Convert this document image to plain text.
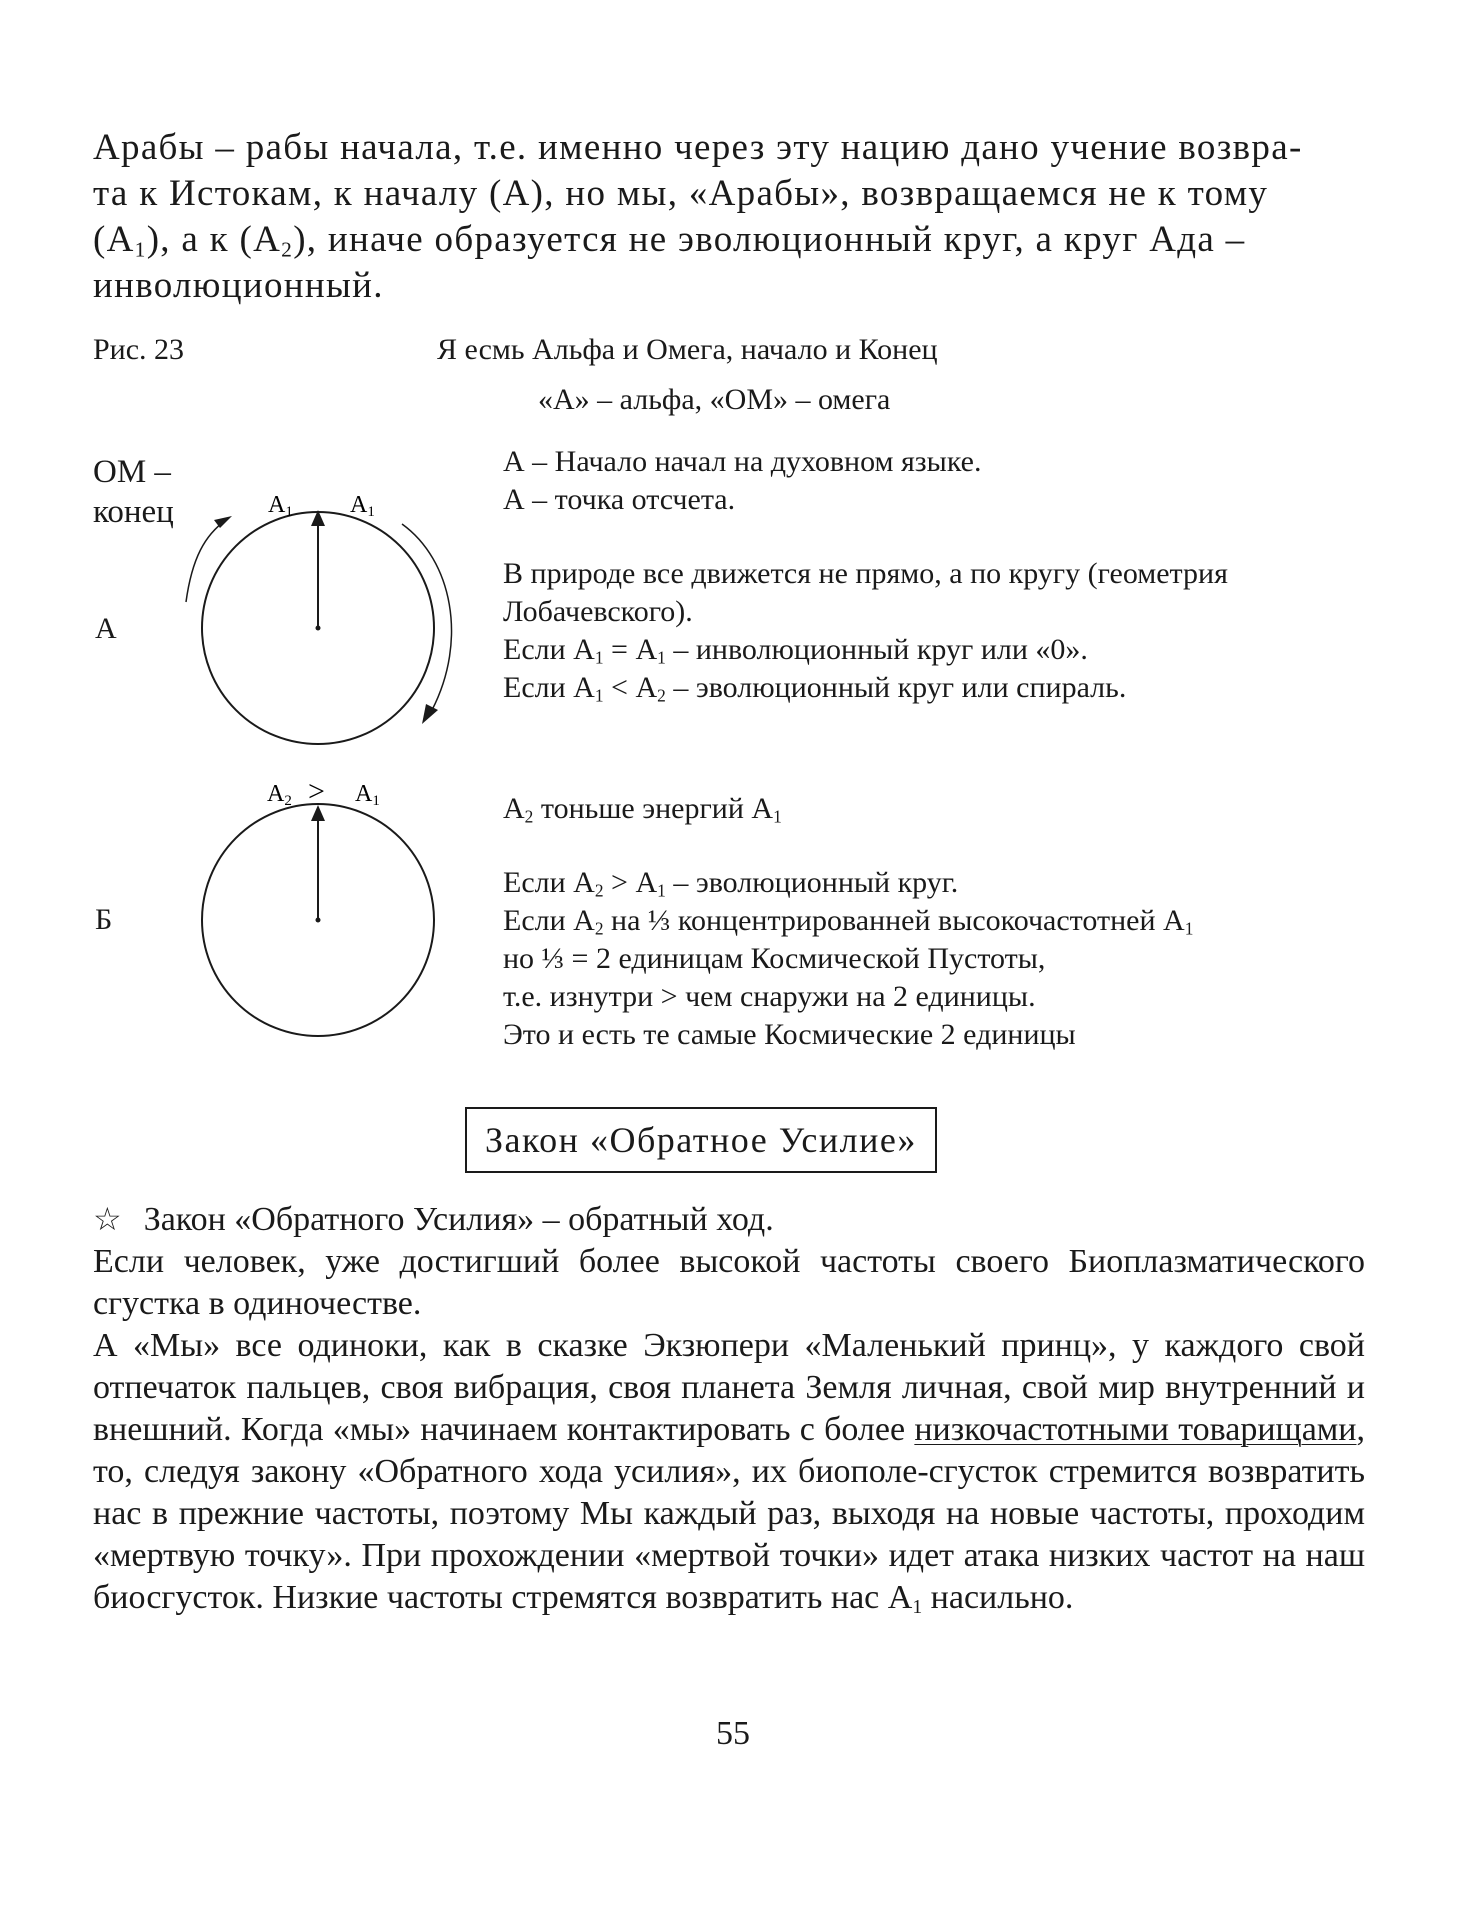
Арабы – рабы начала, т.е. именно через эту нацию дано учение возвра-

та к Истокам, к началу (А), но мы, «Арабы», возвращаемся не к тому

$(А_1)$, а к $(А_2)$, иначе образуется не эволюционный круг, а круг Ада –

инволюционный.

Рис. 23	Я есмь Альфа и Омега, начало и Конец
«А» – альфа, «ОМ» – омега
ОМ –
конец
А
Б
А1 А1
А2 > А1
А – Начало начал на духовном языке.
А – точка отсчета.
В природе все движется не прямо, а по кругу (геометрия
Лобачевского).
Если $А_1 = А_1$ – инволюционный круг или «0».
Если $А_1 < А_2$ – эволюционный круг или спираль.
$А_2$ тоньше энергий $А_1$
Если $А_2 > А_1$ – эволюционный круг.
Если $А_2$ на ⅓ концентрированней высокочастотней $А_1$
но ⅓ = 2 единицам Космической Пустоты,
т.е. изнутри > чем снаружи на 2 единицы.
Это и есть те самые Космические 2 единицы
Закон «Обратное Усилие»

☆ Закон «Обратного Усилия» – обратный ход.

Если человек, уже достигший более высокой частоты своего Биоплазматического сгустка в одиночестве.

А «Мы» все одиноки, как в сказке Экзюпери «Маленький принц», у каждого свой отпечаток пальцев, своя вибрация, своя планета Земля личная, свой мир внутренний и внешний. Когда «мы» начинаем контактировать с более низкочастотными товарищами, то, следуя закону «Обратного хода усилия», их биополе-сгусток стремится возвратить нас в прежние частоты, поэтому Мы каждый раз, выходя на новые частоты, проходим «мертвую точку». При прохождении «мертвой точки» идет атака низких частот на наш биосгусток. Низкие частоты стремятся возвратить нас $А_1$ насильно.

55
